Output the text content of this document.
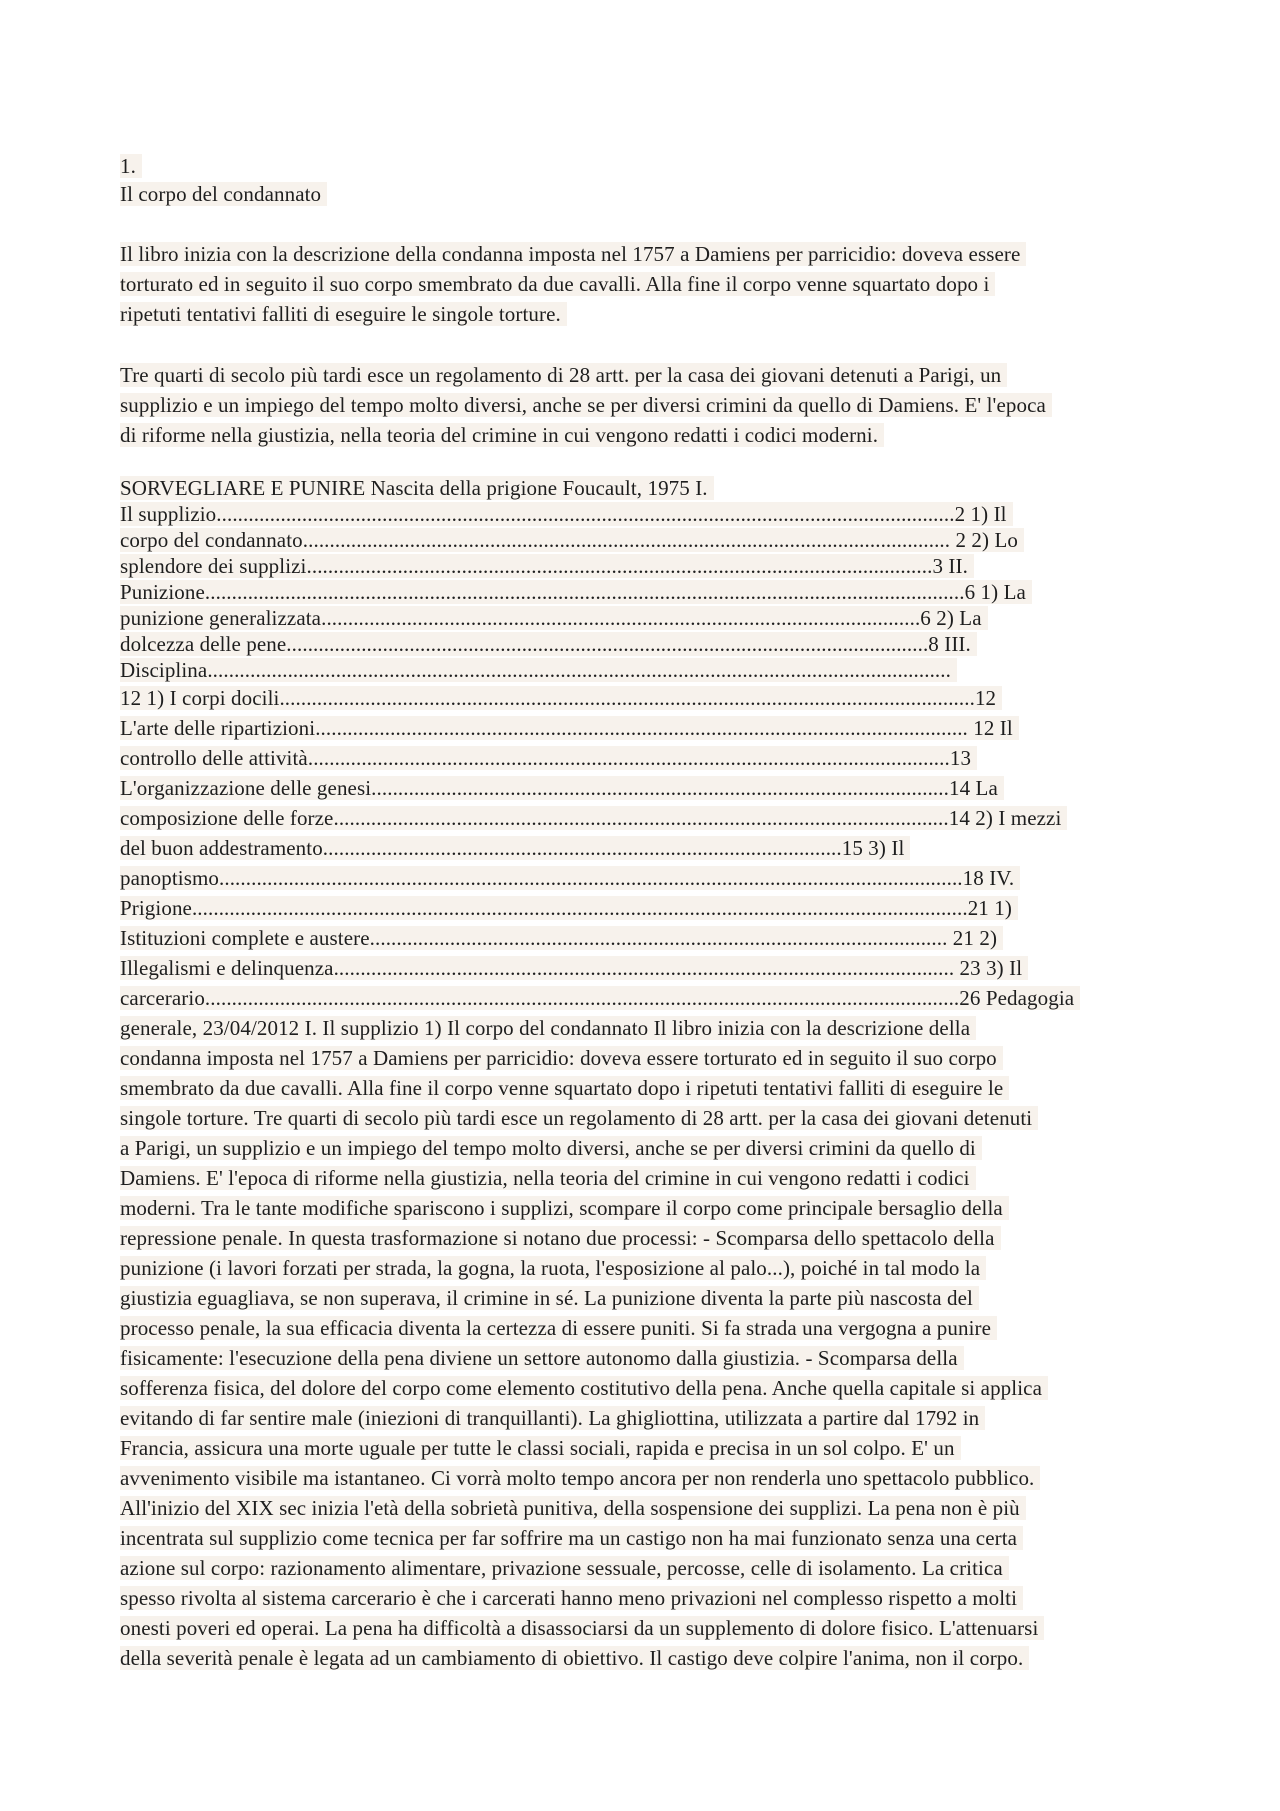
1.
Il corpo del condannato
Il libro inizia con la descrizione della condanna imposta nel 1757 a Damiens per parricidio: doveva essere
torturato ed in seguito il suo corpo smembrato da due cavalli. Alla fine il corpo venne squartato dopo i
ripetuti tentativi falliti di eseguire le singole torture.
Tre quarti di secolo più tardi esce un regolamento di 28 artt. per la casa dei giovani detenuti a Parigi, un
supplizio e un impiego del tempo molto diversi, anche se per diversi crimini da quello di Damiens. E' l'epoca
di riforme nella giustizia, nella teoria del crimine in cui vengono redatti i codici moderni.
SORVEGLIARE E PUNIRE Nascita della prigione Foucault, 1975 I.
Il supplizio..........................................................................................................................................2 1) Il
corpo del condannato......................................................................................................................... 2 2) Lo
splendore dei supplizi.....................................................................................................................3 II.
Punizione..............................................................................................................................................6 1) La
punizione generalizzata................................................................................................................6 2) La
dolcezza delle pene........................................................................................................................8 III.
Disciplina...........................................................................................................................................
12 1) I corpi docili..................................................................................................................................12
L'arte delle ripartizioni.......................................................................................................................... 12 Il
controllo delle attività........................................................................................................................13
L'organizzazione delle genesi............................................................................................................14 La
composizione delle forze...................................................................................................................14 2) I mezzi
del buon addestramento.................................................................................................15 3) Il
panoptismo...........................................................................................................................................18 IV.
Prigione.................................................................................................................................................21 1)
Istituzioni complete e austere............................................................................................................ 21 2)
Illegalismi e delinquenza.................................................................................................................... 23 3) Il
carcerario.............................................................................................................................................26 Pedagogia
generale, 23/04/2012 I. Il supplizio 1) Il corpo del condannato Il libro inizia con la descrizione della
condanna imposta nel 1757 a Damiens per parricidio: doveva essere torturato ed in seguito il suo corpo
smembrato da due cavalli. Alla fine il corpo venne squartato dopo i ripetuti tentativi falliti di eseguire le
singole torture. Tre quarti di secolo più tardi esce un regolamento di 28 artt. per la casa dei giovani detenuti
a Parigi, un supplizio e un impiego del tempo molto diversi, anche se per diversi crimini da quello di
Damiens. E' l'epoca di riforme nella giustizia, nella teoria del crimine in cui vengono redatti i codici
moderni. Tra le tante modifiche spariscono i supplizi, scompare il corpo come principale bersaglio della
repressione penale. In questa trasformazione si notano due processi: - Scomparsa dello spettacolo della
punizione (i lavori forzati per strada, la gogna, la ruota, l'esposizione al palo...), poiché in tal modo la
giustizia eguagliava, se non superava, il crimine in sé. La punizione diventa la parte più nascosta del
processo penale, la sua efficacia diventa la certezza di essere puniti. Si fa strada una vergogna a punire
fisicamente: l'esecuzione della pena diviene un settore autonomo dalla giustizia. - Scomparsa della
sofferenza fisica, del dolore del corpo come elemento costitutivo della pena. Anche quella capitale si applica
evitando di far sentire male (iniezioni di tranquillanti). La ghigliottina, utilizzata a partire dal 1792 in
Francia, assicura una morte uguale per tutte le classi sociali, rapida e precisa in un sol colpo. E' un
avvenimento visibile ma istantaneo. Ci vorrà molto tempo ancora per non renderla uno spettacolo pubblico.
All'inizio del XIX sec inizia l'età della sobrietà punitiva, della sospensione dei supplizi. La pena non è più
incentrata sul supplizio come tecnica per far soffrire ma un castigo non ha mai funzionato senza una certa
azione sul corpo: razionamento alimentare, privazione sessuale, percosse, celle di isolamento. La critica
spesso rivolta al sistema carcerario è che i carcerati hanno meno privazioni nel complesso rispetto a molti
onesti poveri ed operai. La pena ha difficoltà a disassociarsi da un supplemento di dolore fisico. L'attenuarsi
della severità penale è legata ad un cambiamento di obiettivo. Il castigo deve colpire l'anima, non il corpo.
